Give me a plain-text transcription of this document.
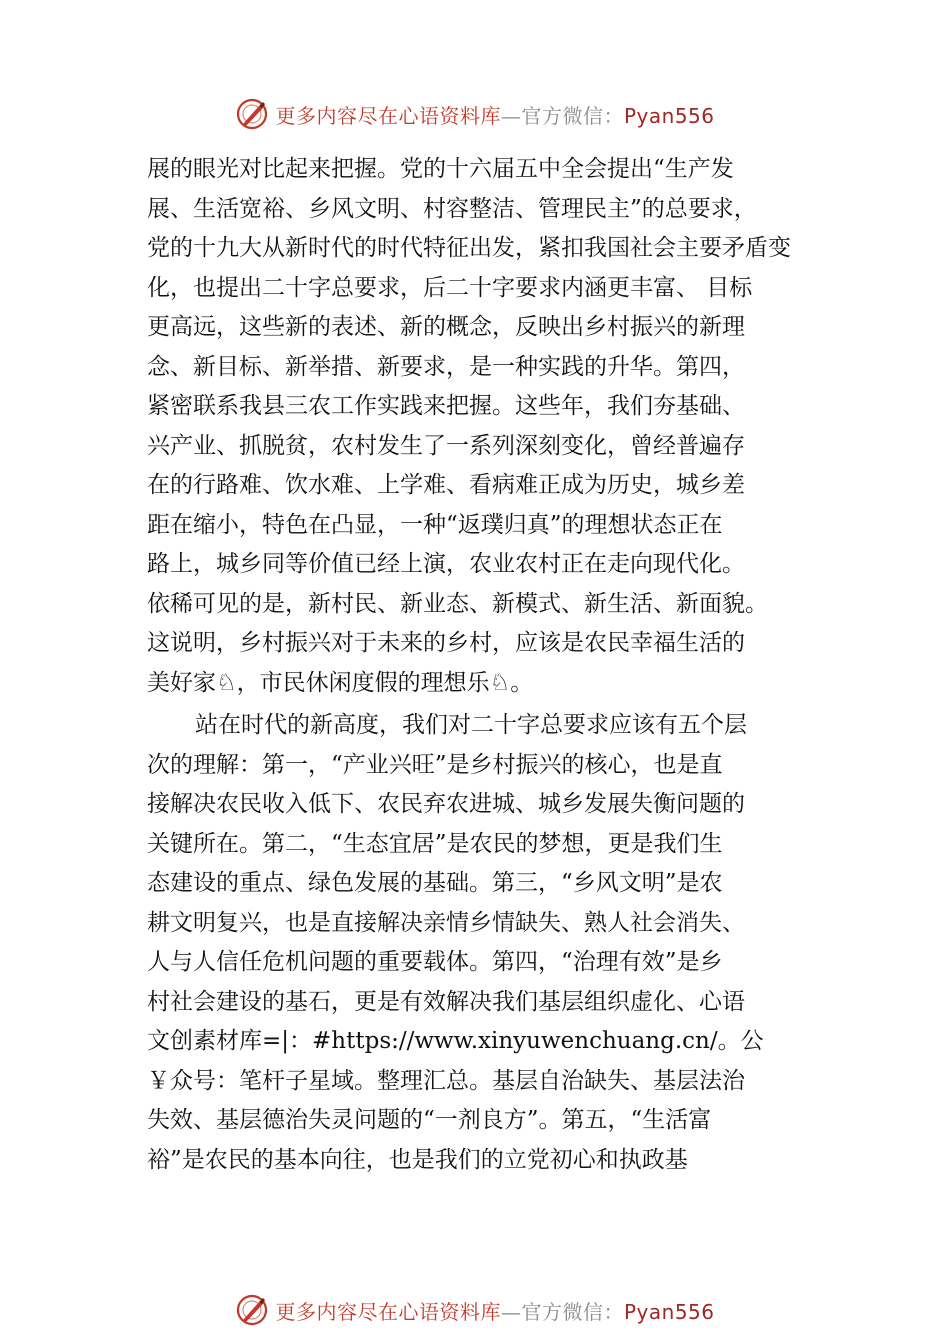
更多内容尽在心语资料库—官方微信：Pyan556
展的眼光对比起来把握。党的十六届五中全会提出“生产发
展、生活宽裕、乡风文明、村容整洁、管理民主”的总要求，
党的十九大从新时代的时代特征出发，紧扣我国社会主要矛盾变
化，也提出二十字总要求，后二十字要求内涵更丰富、 目标
更高远，这些新的表述、新的概念，反映出乡村振兴的新理
念、新目标、新举措、新要求，是一种实践的升华。第四，
紧密联系我县三农工作实践来把握。这些年，我们夯基础、
兴产业、抓脱贫，农村发生了一系列深刻变化，曾经普遍存
在的行路难、饮水难、上学难、看病难正成为历史，城乡差
距在缩小，特色在凸显，一种“返璞归真”的理想状态正在
路上，城乡同等价值已经上演，农业农村正在走向现代化。
依稀可见的是，新村民、新业态、新模式、新生活、新面貌。
这说明，乡村振兴对于未来的乡村，应该是农民幸福生活的
美好家♘，市民休闲度假的理想乐♘。
站在时代的新高度，我们对二十字总要求应该有五个层
次的理解：第一，“产业兴旺”是乡村振兴的核心，也是直
接解决农民收入低下、农民弃农进城、城乡发展失衡问题的
关键所在。第二，“生态宜居”是农民的梦想，更是我们生
态建设的重点、绿色发展的基础。第三，“乡风文明”是农
耕文明复兴，也是直接解决亲情乡情缺失、熟人社会消失、
人与人信任危机问题的重要载体。第四，“治理有效”是乡
村社会建设的基石，更是有效解决我们基层组织虚化、心语
文创素材库=|：#https://www.xinyuwenchuang.cn/。公
￥众号：笔杆子星域。整理汇总。基层自治缺失、基层法治
失效、基层德治失灵问题的“一剂良方”。第五，“生活富
裕”是农民的基本向往，也是我们的立党初心和执政基
更多内容尽在心语资料库—官方微信：Pyan556
